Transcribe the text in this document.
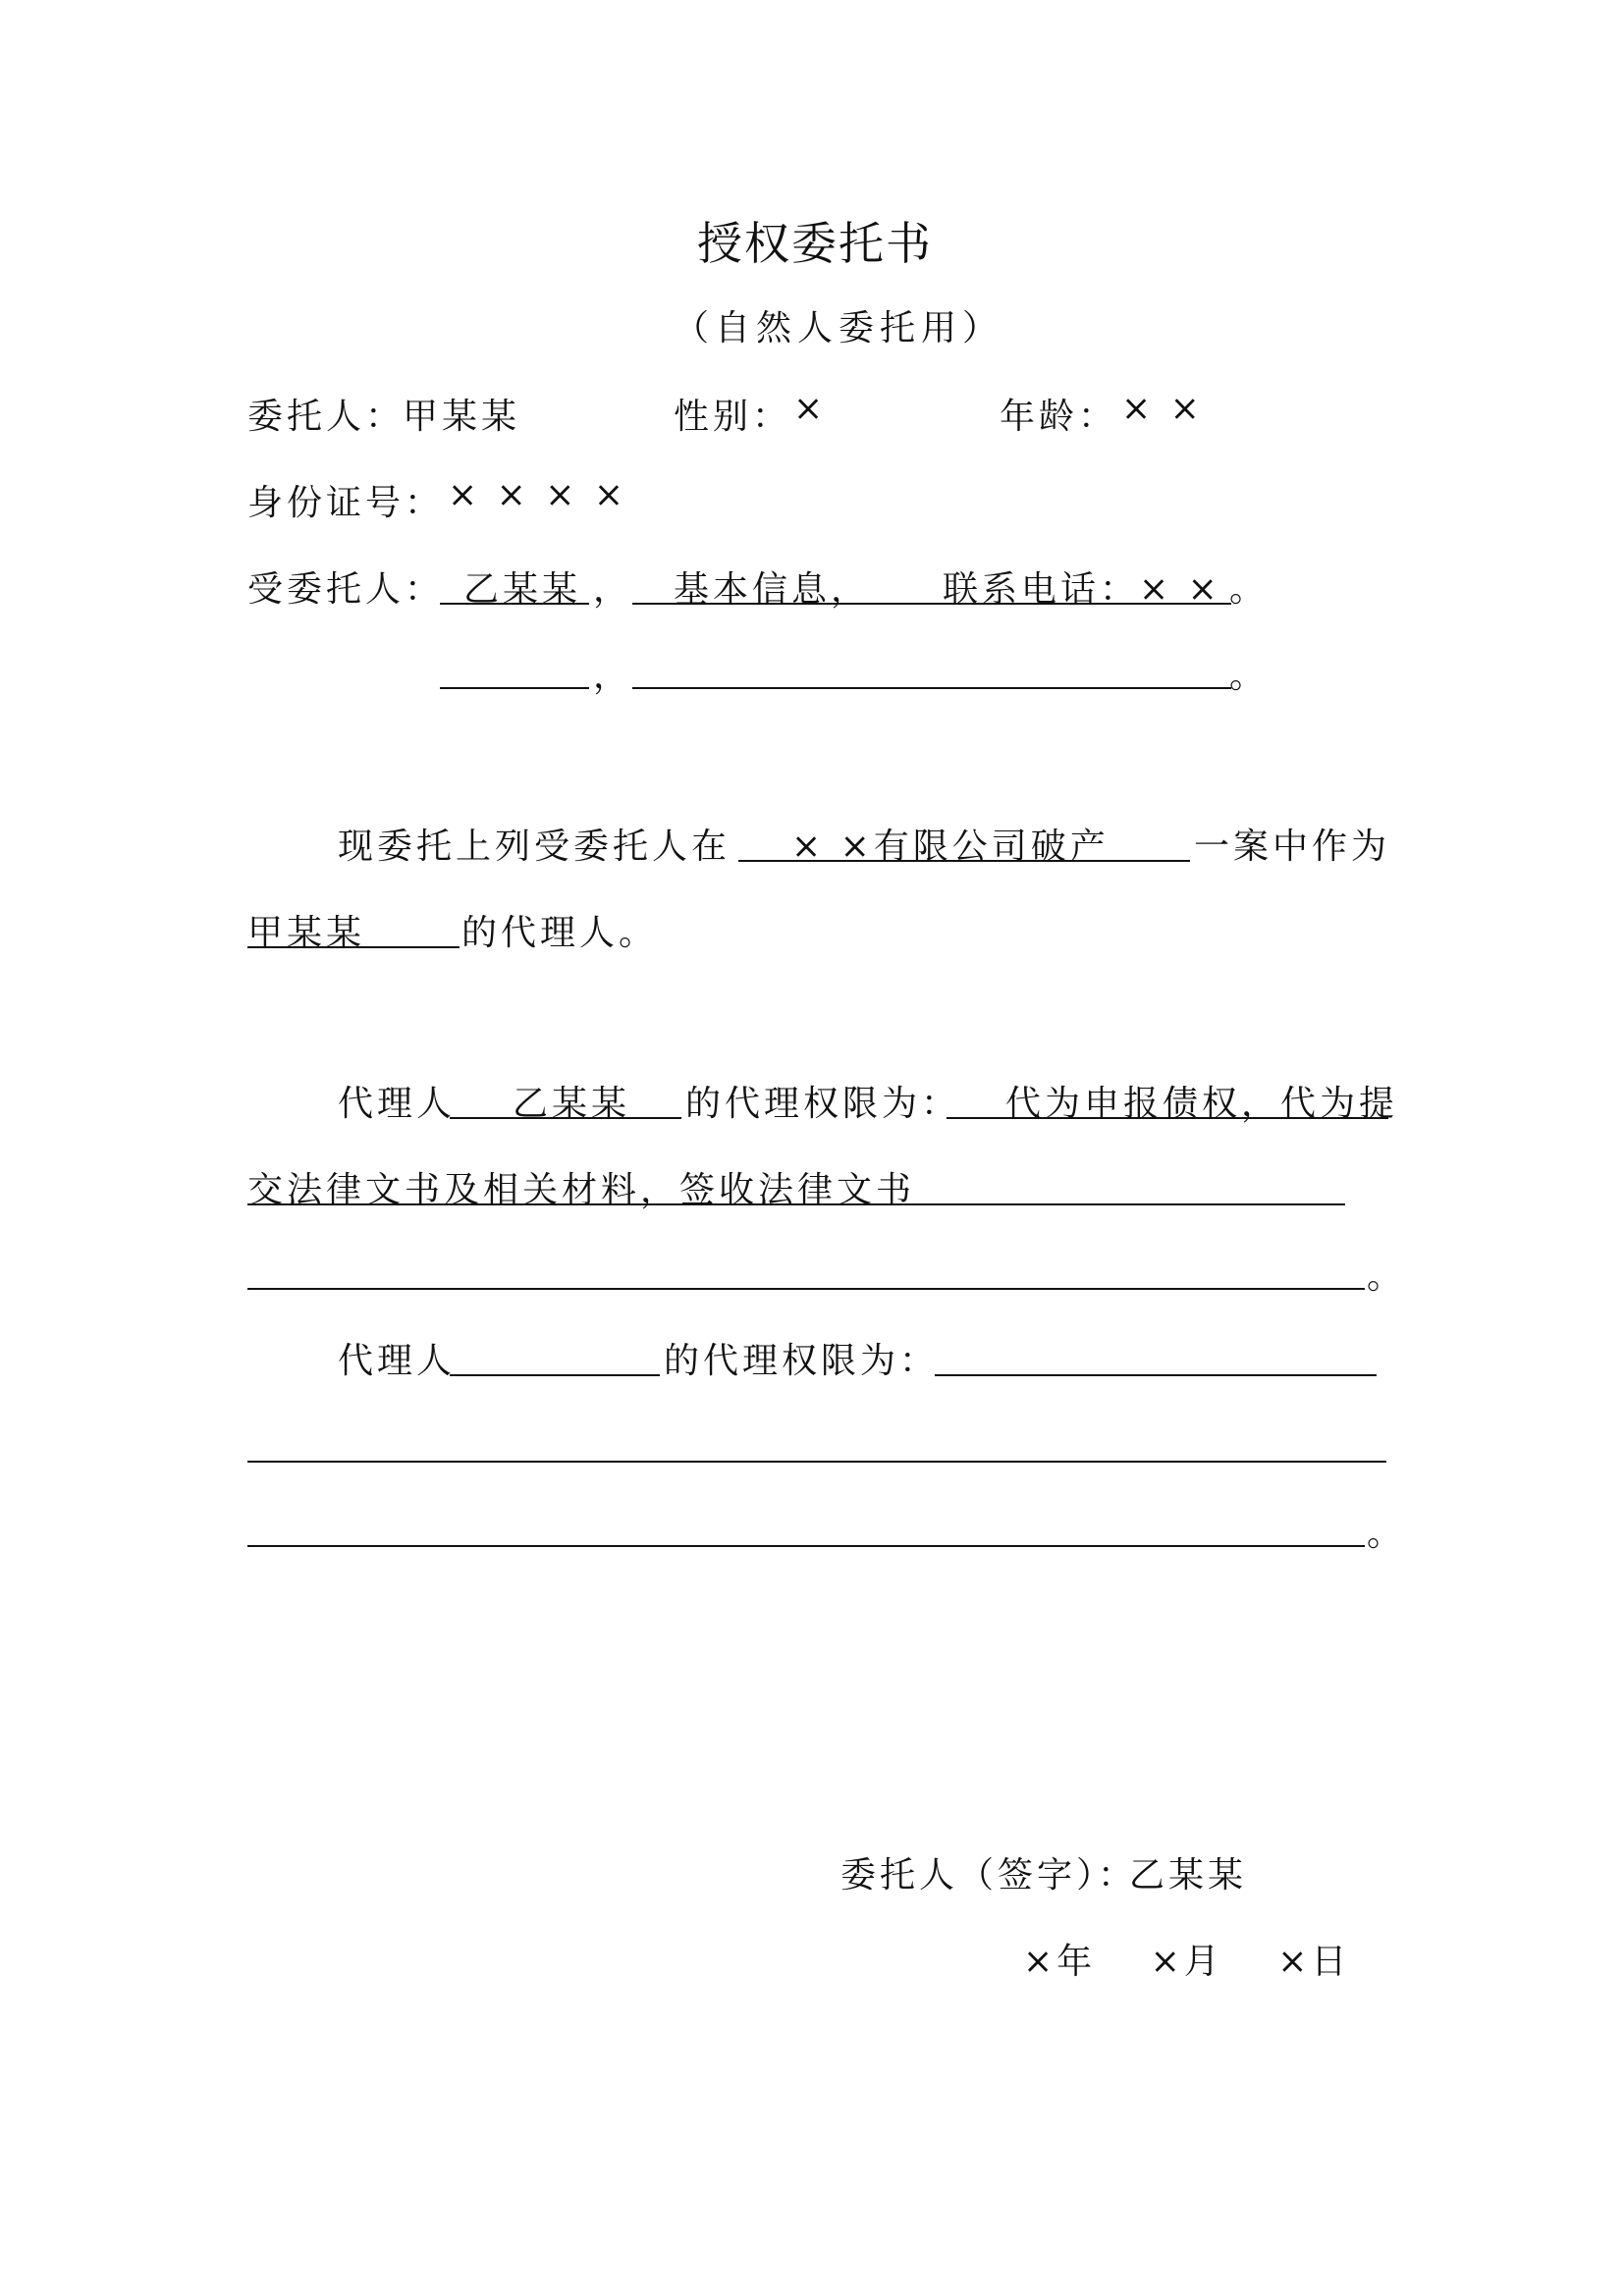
授权委托书
（自然人委托用）
委托人：
甲某某	性别： ×	年龄： × ×
身份证号： × × × ×
受委托人： 乙某某 ， 基本信息， 联系电话：× × 。
，	。
现委托上列受委托人在 × ×有限公司破产 一案中作为
甲某某	的代理人。
代理人 乙某某 的代理权限为： 代为申报债权，代为提
交法律文书及相关材料，签收法律文书
。
代理人	的代理权限为：
。
委托人（签字）：
乙某某
×年　 ×月　 ×日
